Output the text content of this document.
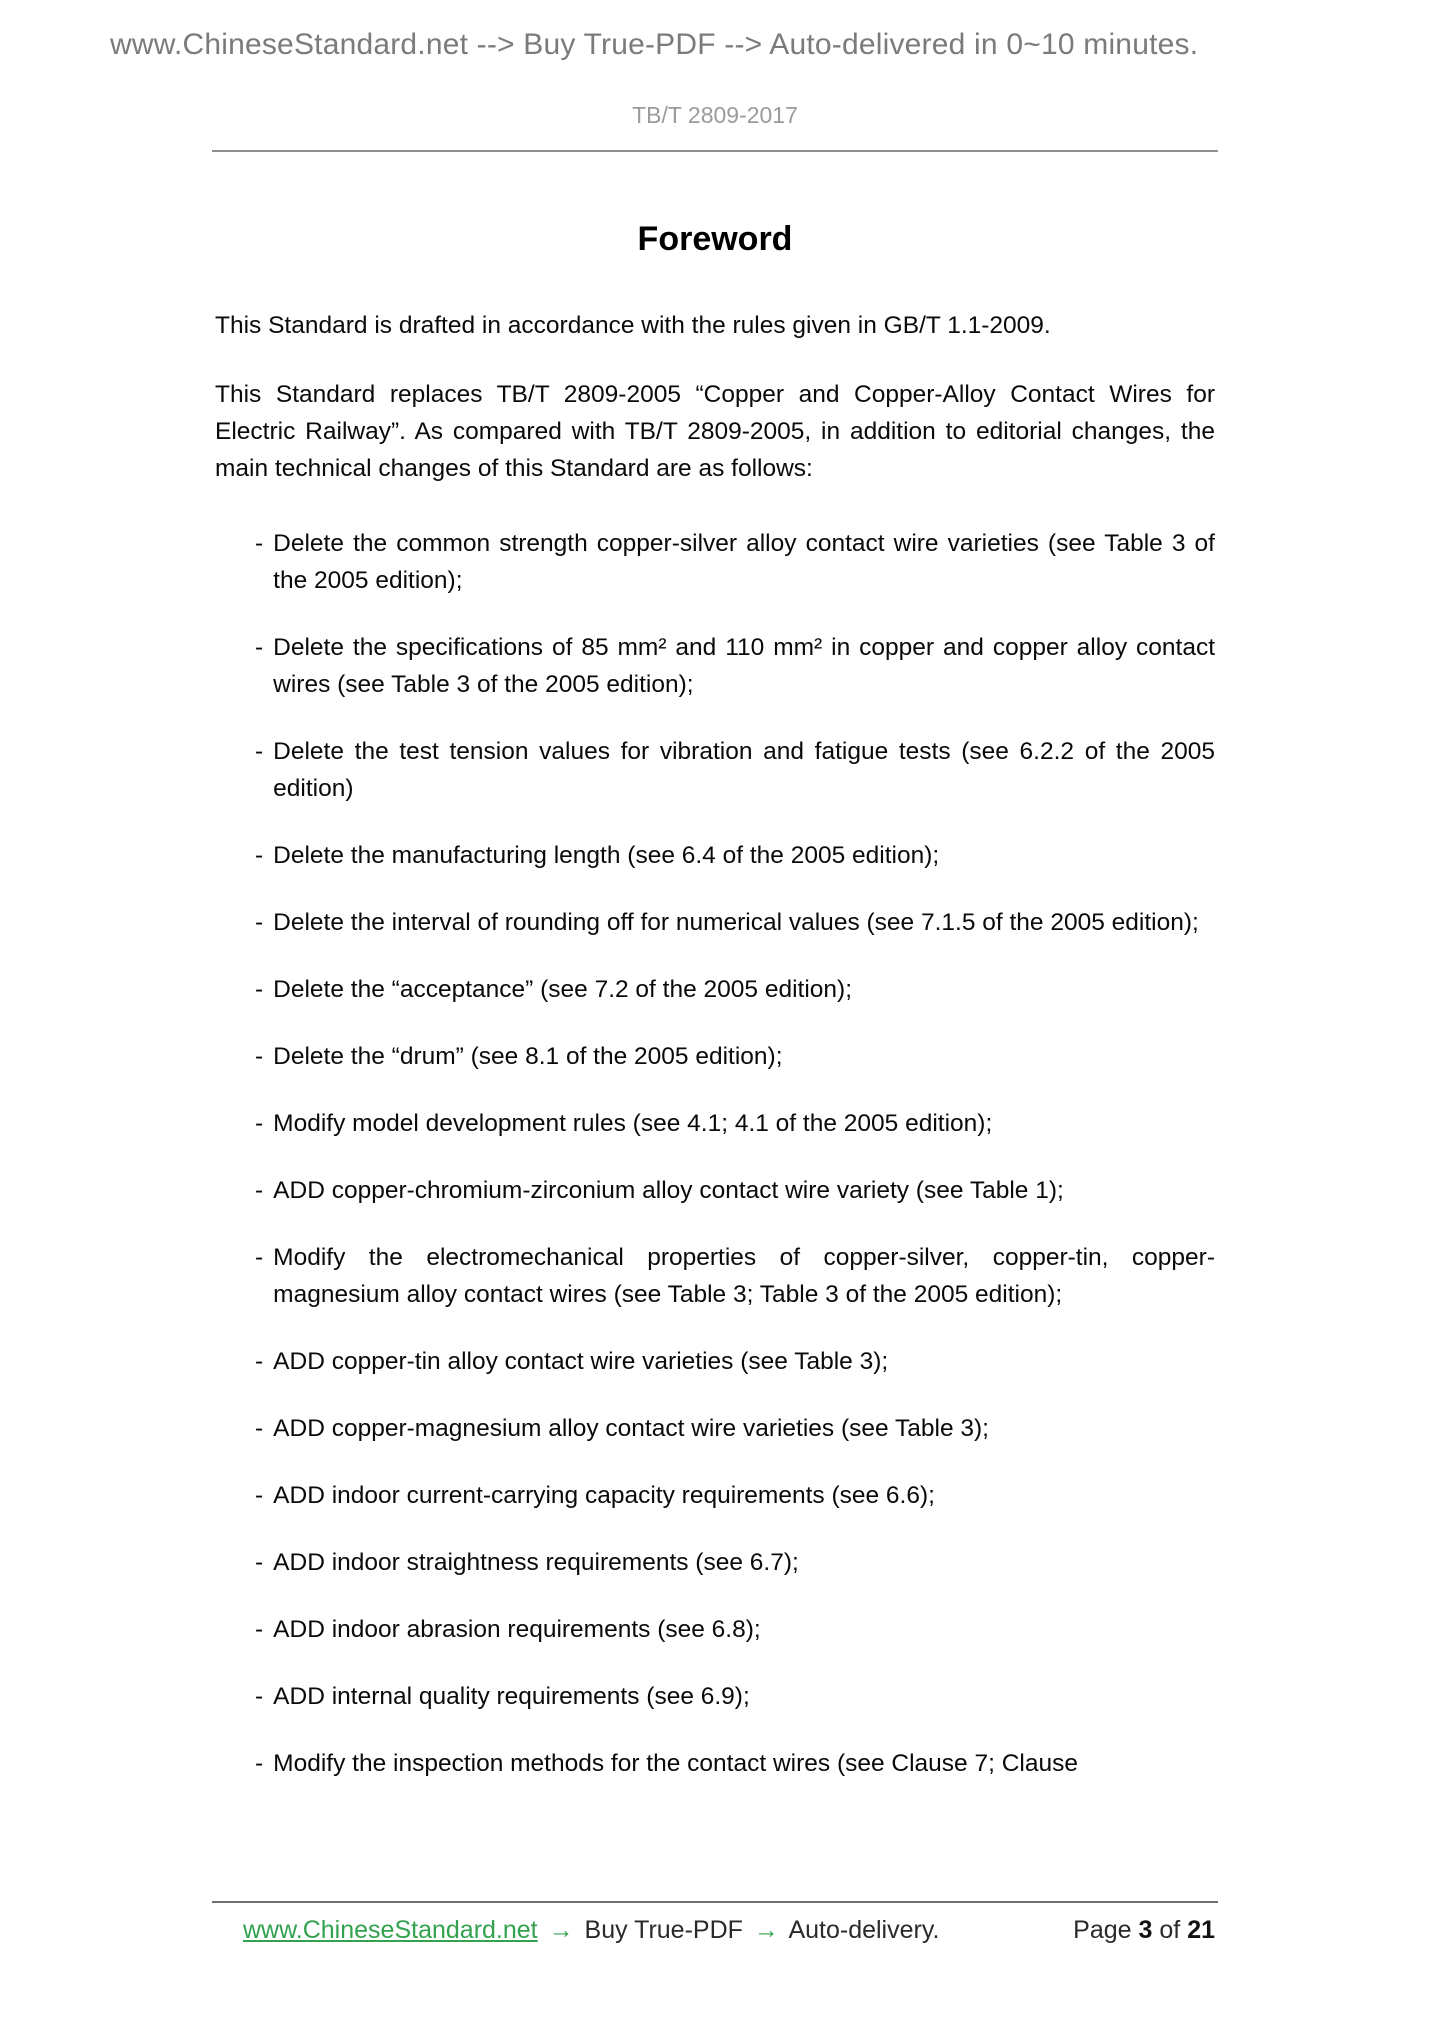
www.ChineseStandard.net --> Buy True-PDF --> Auto-delivered in 0~10 minutes.
TB/T 2809-2017
Foreword

This Standard is drafted in accordance with the rules given in GB/T 1.1-2009.

This Standard replaces TB/T 2809-2005 “Copper and Copper-Alloy Contact Wires for Electric Railway”. As compared with TB/T 2809-2005, in addition to editorial changes, the main technical changes of this Standard are as follows:

- Delete the common strength copper-silver alloy contact wire varieties (see Table 3 of the 2005 edition);
- Delete the specifications of 85 mm² and 110 mm² in copper and copper alloy contact wires (see Table 3 of the 2005 edition);
- Delete the test tension values for vibration and fatigue tests (see 6.2.2 of the 2005 edition)
- Delete the manufacturing length (see 6.4 of the 2005 edition);
- Delete the interval of rounding off for numerical values (see 7.1.5 of the 2005 edition);
- Delete the “acceptance” (see 7.2 of the 2005 edition);
- Delete the “drum” (see 8.1 of the 2005 edition);
- Modify model development rules (see 4.1; 4.1 of the 2005 edition);
- ADD copper-chromium-zirconium alloy contact wire variety (see Table 1);
- Modify the electromechanical properties of copper-silver, copper-tin, copper-magnesium alloy contact wires (see Table 3; Table 3 of the 2005 edition);
- ADD copper-tin alloy contact wire varieties (see Table 3);
- ADD copper-magnesium alloy contact wire varieties (see Table 3);
- ADD indoor current-carrying capacity requirements (see 6.6);
- ADD indoor straightness requirements (see 6.7);
- ADD indoor abrasion requirements (see 6.8);
- ADD internal quality requirements (see 6.9);
- Modify the inspection methods for the contact wires (see Clause 7; Clause
www.ChineseStandard.net → Buy True-PDF → Auto-delivery.	Page 3 of 21
